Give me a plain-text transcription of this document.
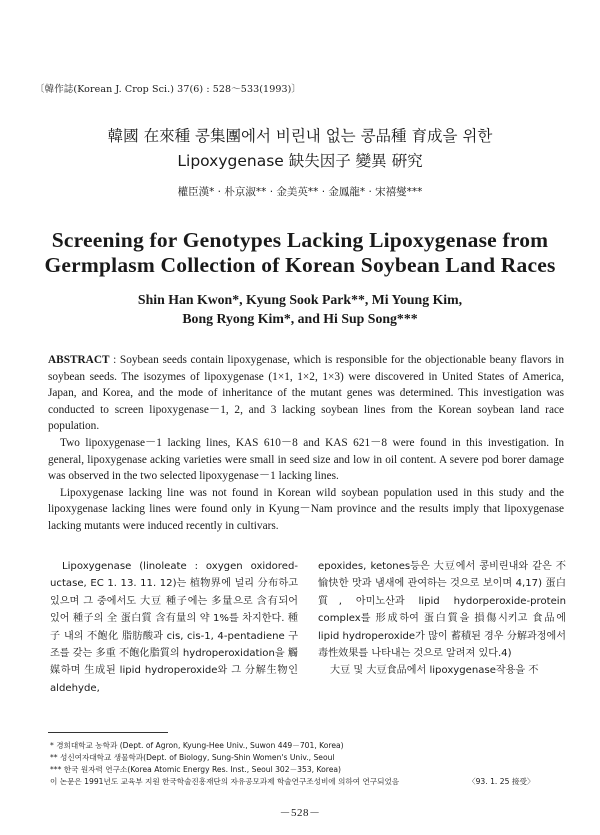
〔韓作誌(Korean J. Crop Sci.) 37(6) : 528～533(1993)〕
韓國 在來種 콩集團에서 비린내 없는 콩品種 育成을 위한
Lipoxygenase 缺失因子 變異 硏究
權臣漢* · 朴京淑** · 金美英** · 金鳳龍* · 宋禧燮***
Screening for Genotypes Lacking Lipoxygenase from
Germplasm Collection of Korean Soybean Land Races
Shin Han Kwon*, Kyung Sook Park**, Mi Young Kim,
Bong Ryong Kim*, and Hi Sup Song***

ABSTRACT : Soybean seeds contain lipoxygenase, which is responsible for the objectionable beany flavors in soybean seeds. The isozymes of lipoxygenase (1×1, 1×2, 1×3) were discovered in United States of America, Japan, and Korea, and the mode of inheritance of the mutant genes was determined. This investigation was conducted to screen lipoxygenase－1, 2, and 3 lacking soybean lines from the Korean soybean land race population.

Two lipoxygenase－1 lacking lines, KAS 610－8 and KAS 621－8 were found in this investigation. In general, lipoxygenase acking varieties were small in seed size and low in oil content. A severe pod borer damage was observed in the two selected lipoxygenase－1 lacking lines.

Lipoxygenase lacking line was not found in Korean wild soybean population used in this study and the lipoxygenase lacking lines were found only in Kyung－Nam province and the results imply that lipoxygenase lacking mutants were induced recently in cultivars.

Lipoxygenase (linoleate : oxygen oxidored-uctase, EC 1. 13. 11. 12)는 植物界에 널리 分布하고 있으며 그 중에서도 大豆 種子에는 多量으로 含有되어 있어 種子의 全 蛋白質 含有量의 약 1%를 차지한다. 種子 내의 不飽化 脂肪酸과 cis, cis-1, 4-pentadiene 구조를 갖는 多重 不飽化脂質의 hydroperoxidation을 觸媒하며 生成된 lipid hydroperoxide와 그 分解生物인 aldehyde,

epoxides, ketones등은 大豆에서 콩비린내와 같은 不愉快한 맛과 냄새에 관여하는 것으로 보이며 4,17) 蛋白質, 아미노산과 lipid hydorperoxide-protein complex를 形成하여 蛋白質을 損傷시키고 食品에 lipid hydroperoxide가 많이 蓄積된 경우 分解과정에서 毒性效果를 나타내는 것으로 알려져 있다.4)

大豆 및 大豆食品에서 lipoxygenase작용을 不

* 경희대학교 농학과 (Dept. of Agron, Kyung-Hee Univ., Suwon 449－701, Korea)
** 성신여자대학교 생물학과(Dept. of Biology, Sung-Shin Women's Univ., Seoul
*** 한국 원자력 연구소(Korea Atomic Energy Res. Inst., Seoul 302－353, Korea)
이 논문은 1991년도 교육부 지원 한국학술진흥재단의 자유공모과제 학술연구조성비에 의하여 연구되었음	〈93. 1. 25 接受〉
－528－
